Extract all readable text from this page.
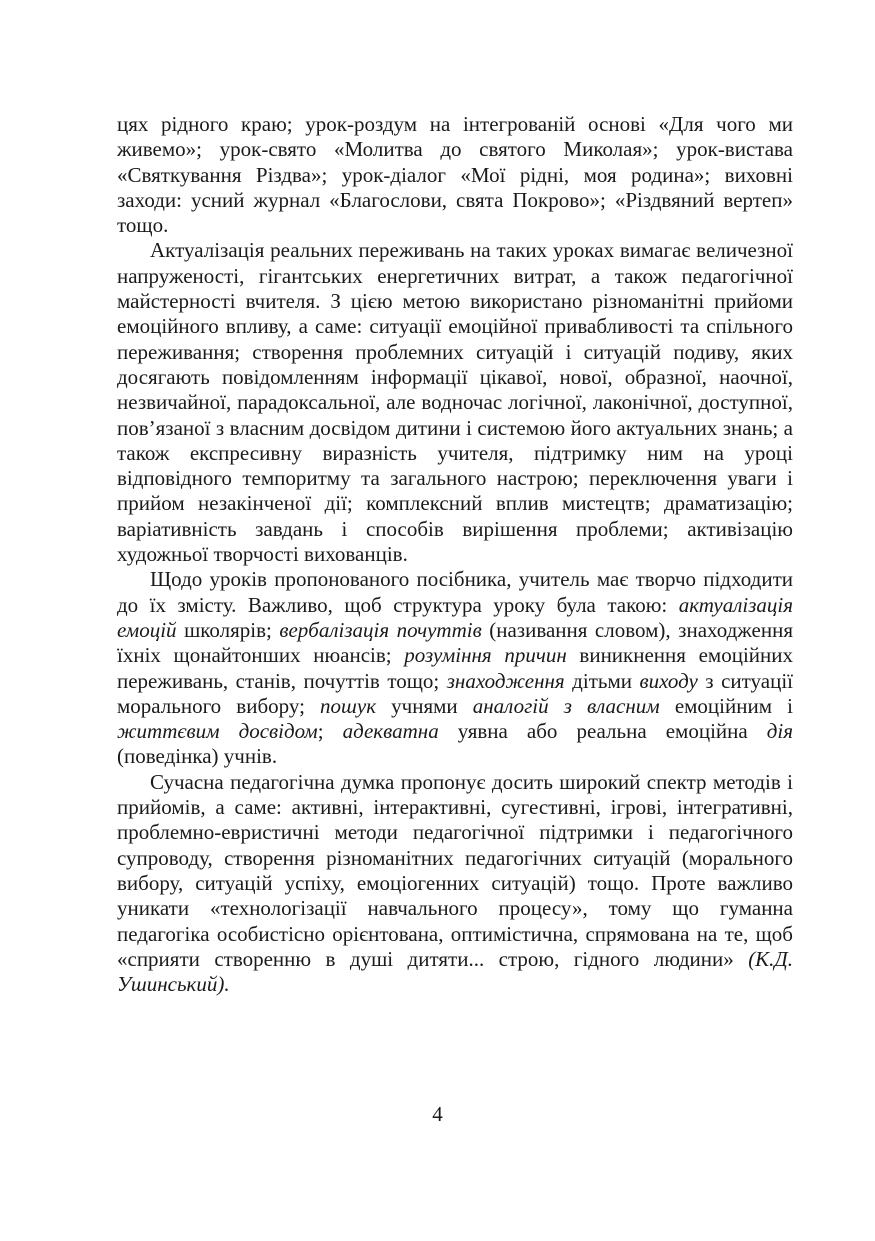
цях рідного краю; урок-роздум на інтегрованій основі «Для чого ми живемо»; урок-свято «Молитва до святого Миколая»; урок-вистава «Святкування Різдва»; урок-діалог «Мої рідні, моя родина»; виховні заходи: усний журнал «Благослови, свята Покрово»; «Різдвяний вертеп» тощо.

Актуалізація реальних переживань на таких уроках вимагає величезної напруженості, гігантських енергетичних витрат, а також педагогічної майстерності вчителя. З цією метою використано різноманітні прийоми емоційного впливу, а саме: ситуації емоційної привабливості та спільного переживання; створення проблемних ситуацій і ситуацій подиву, яких досягають повідомленням інформації цікавої, нової, образної, наочної, незвичайної, парадоксальної, але водночас логічної, лаконічної, доступної, пов’язаної з власним досвідом дитини і системою його актуальних знань; а також експресивну виразність учителя, підтримку ним на уроці відповідного темпоритму та загального настрою; переключення уваги і прийом незакінченої дії; комплексний вплив мистецтв; драматизацію; варіативність завдань і способів вирішення проблеми; активізацію художньої творчості вихованців.

Щодо уроків пропонованого посібника, учитель має творчо підходити до їх змісту. Важливо, щоб структура уроку була такою: актуалізація емоцій школярів; вербалізація почуттів (називання словом), знаходження їхніх щонайтонших нюансів; розуміння причин виникнення емоційних переживань, станів, почуттів тощо; знаходження дітьми виходу з ситуації морального вибору; пошук учнями аналогій з власним емоційним і життєвим досвідом; адекватна уявна або реальна емоційна дія (поведінка) учнів.

Сучасна педагогічна думка пропонує досить широкий спектр методів і прийомів, а саме: активні, інтерактивні, сугестивні, ігрові, інтегративні, проблемно-евристичні методи педагогічної підтримки і педагогічного супроводу, створення різноманітних педагогічних ситуацій (морального вибору, ситуацій успіху, емоціогенних ситуацій) тощо. Проте важливо уникати «технологізації навчального процесу», тому що гуманна педагогіка особистісно орієнтована, оптимістична, спрямована на те, щоб «сприяти створенню в душі дитяти... строю, гідного людини» (К.Д. Ушинський).

4
